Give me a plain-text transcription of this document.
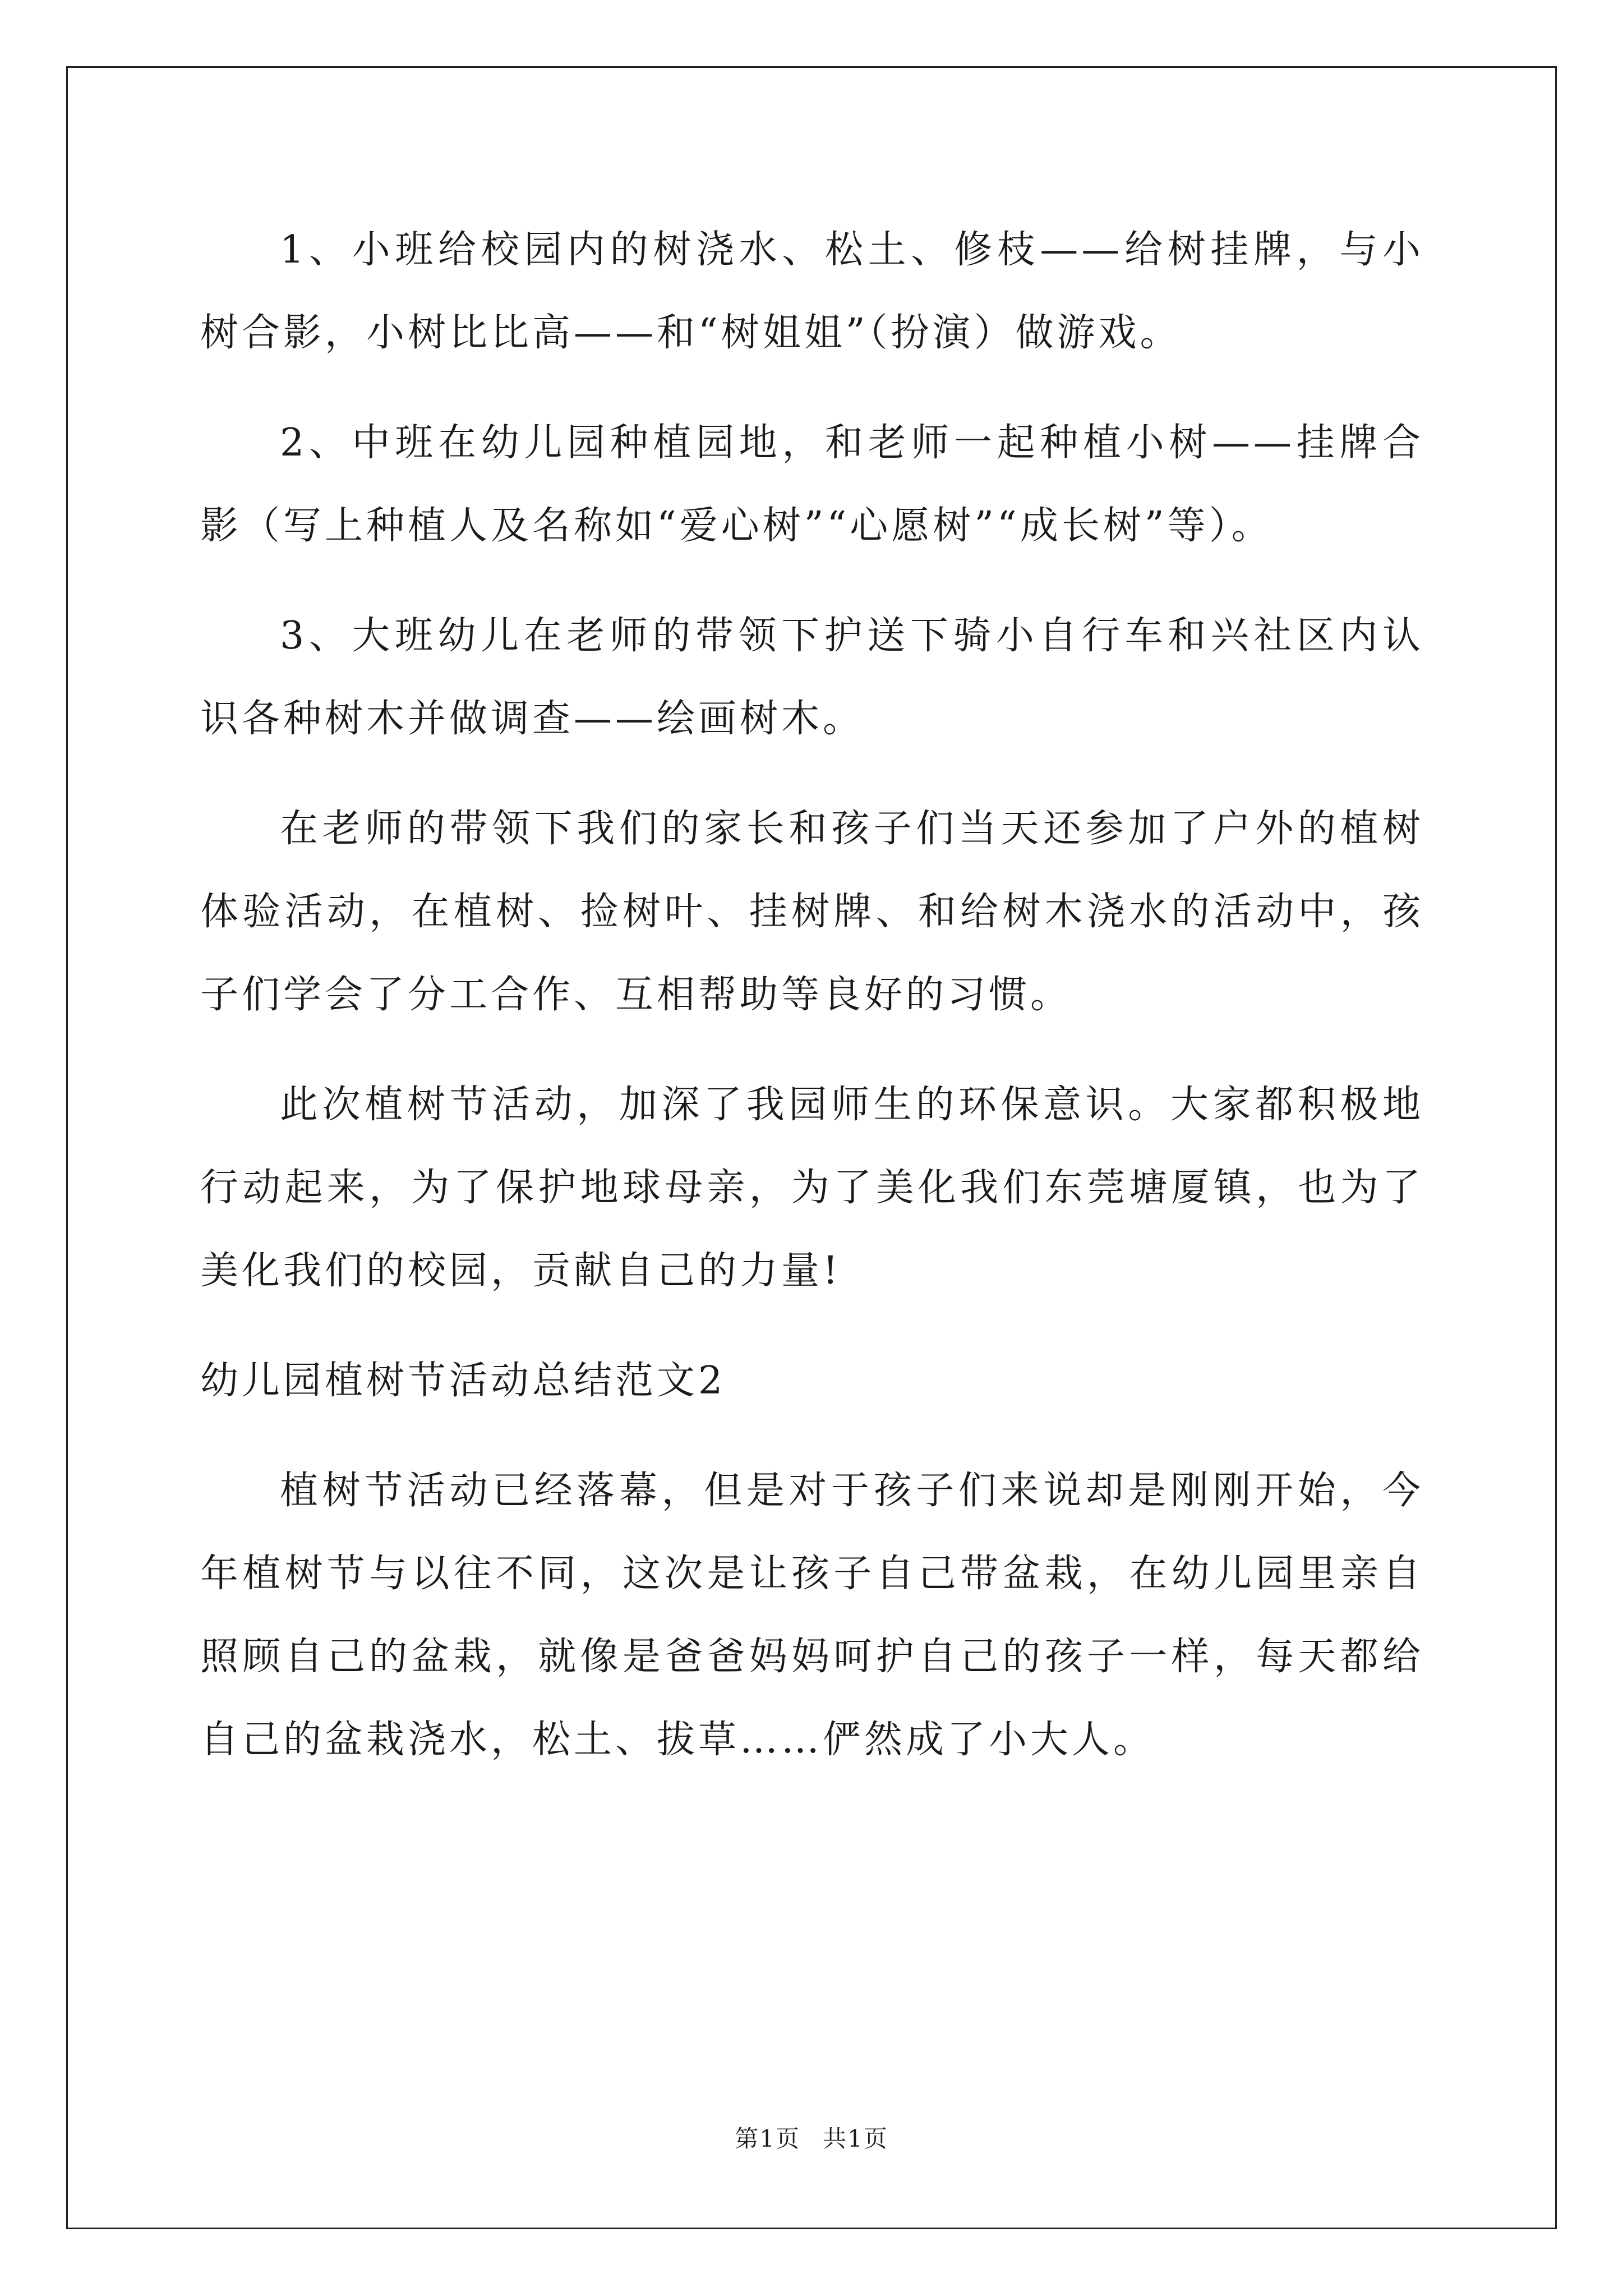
1、小班给校园内的树浇水、松土、修枝——给树挂牌，与小树合影，小树比比高——和“树姐姐”（扮演）做游戏。

2、中班在幼儿园种植园地，和老师一起种植小树——挂牌合影（写上种植人及名称如“爱心树”“心愿树”“成长树”等）。

3、大班幼儿在老师的带领下护送下骑小自行车和兴社区内认识各种树木并做调查——绘画树木。

在老师的带领下我们的家长和孩子们当天还参加了户外的植树体验活动，在植树、捡树叶、挂树牌、和给树木浇水的活动中，孩子们学会了分工合作、互相帮助等良好的习惯。

此次植树节活动，加深了我园师生的环保意识。大家都积极地行动起来，为了保护地球母亲，为了美化我们东莞塘厦镇，也为了美化我们的校园，贡献自己的力量!

幼儿园植树节活动总结范文2

植树节活动已经落幕，但是对于孩子们来说却是刚刚开始，今年植树节与以往不同，这次是让孩子自己带盆栽，在幼儿园里亲自照顾自己的盆栽，就像是爸爸妈妈呵护自己的孩子一样，每天都给自己的盆栽浇水，松土、拔草……俨然成了小大人。

第1页 共1页
